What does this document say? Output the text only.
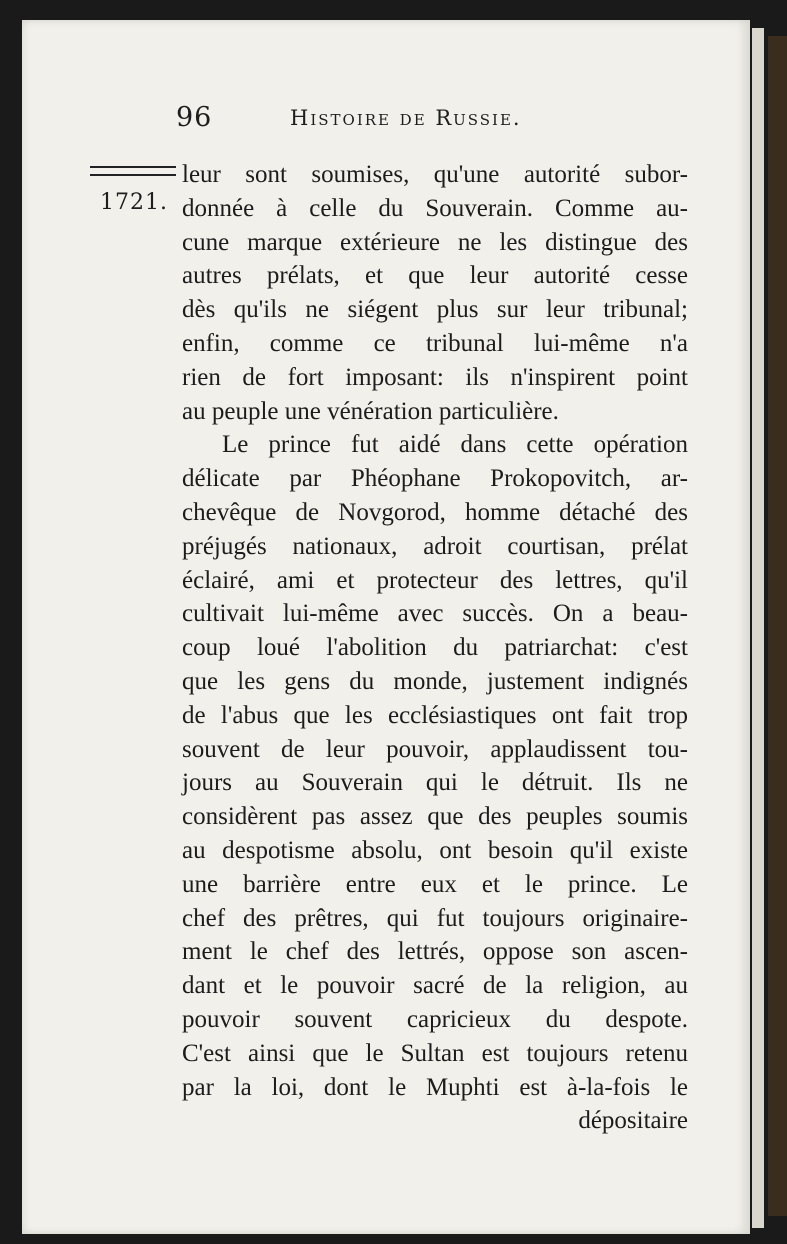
96	Histoire de Russie.
1721.
leur sont soumises, qu'une autorité subor-
donnée à celle du Souverain. Comme au-
cune marque extérieure ne les distingue des
autres prélats, et que leur autorité cesse
dès qu'ils ne siégent plus sur leur tribunal;
enfin, comme ce tribunal lui-même n'a
rien de fort imposant: ils n'inspirent point
au peuple une vénération particulière.
Le prince fut aidé dans cette opération
délicate par Phéophane Prokopovitch, ar-
chevêque de Novgorod, homme détaché des
préjugés nationaux, adroit courtisan, prélat
éclairé, ami et protecteur des lettres, qu'il
cultivait lui-même avec succès. On a beau-
coup loué l'abolition du patriarchat: c'est
que les gens du monde, justement indignés
de l'abus que les ecclésiastiques ont fait trop
souvent de leur pouvoir, applaudissent tou-
jours au Souverain qui le détruit. Ils ne
considèrent pas assez que des peuples soumis
au despotisme absolu, ont besoin qu'il existe
une barrière entre eux et le prince. Le
chef des prêtres, qui fut toujours originaire-
ment le chef des lettrés, oppose son ascen-
dant et le pouvoir sacré de la religion, au
pouvoir souvent capricieux du despote.
C'est ainsi que le Sultan est toujours retenu
par la loi, dont le Muphti est à-la-fois le
dépositaire
